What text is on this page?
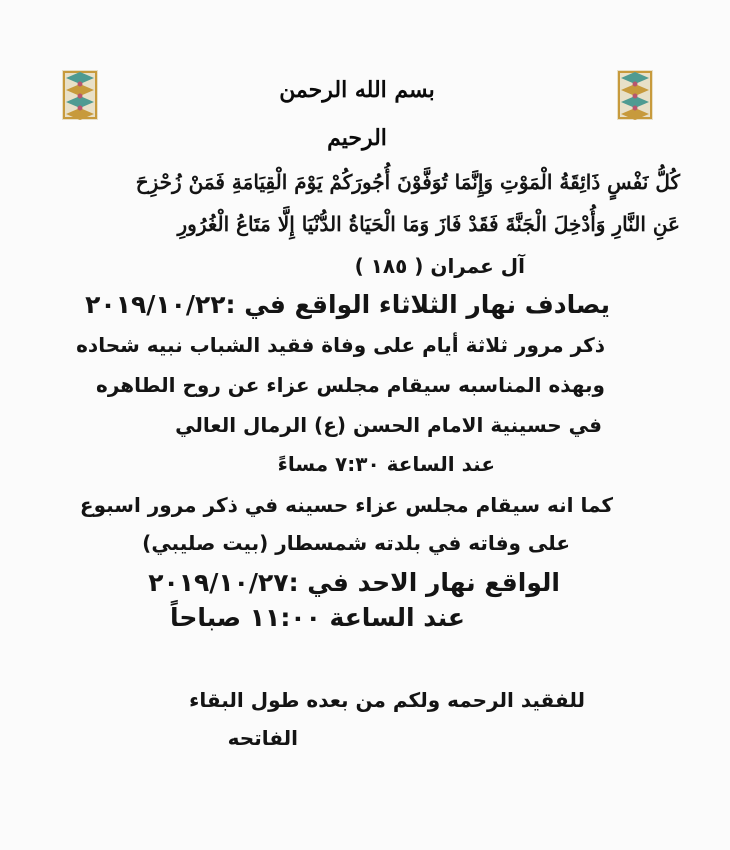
بسم الله الرحمن الرحيم
كُلُّ نَفْسٍ ذَائِقَةُ الْمَوْتِ وَإِنَّمَا تُوَفَّوْنَ أُجُورَكُمْ يَوْمَ الْقِيَامَةِ فَمَنْ زُحْزِحَ
عَنِ النَّارِ وَأُدْخِلَ الْجَنَّةَ فَقَدْ فَازَ وَمَا الْحَيَاةُ الدُّنْيَا إِلَّا مَتَاعُ الْغُرُورِ
آل عمران ( ١٨٥ )
يصادف نهار الثلاثاء الواقع في :٢٠١٩/١٠/٢٢
ذكر مرور ثلاثة أيام على وفاة فقيد الشباب نبيه شحاده
وبهذه المناسبه سيقام مجلس عزاء عن روح الطاهره
في حسينية الامام الحسن (ع) الرمال العالي
عند الساعة ٧:٣٠ مساءً
كما انه سيقام مجلس عزاء حسينه في ذكر مرور اسبوع
على وفاته في بلدته شمسطار (بيت صليبي)
الواقع نهار الاحد في :٢٠١٩/١٠/٢٧
عند الساعة ١١:٠٠ صباحاً
للفقيد الرحمه ولكم من بعده طول البقاء
الفاتحه
